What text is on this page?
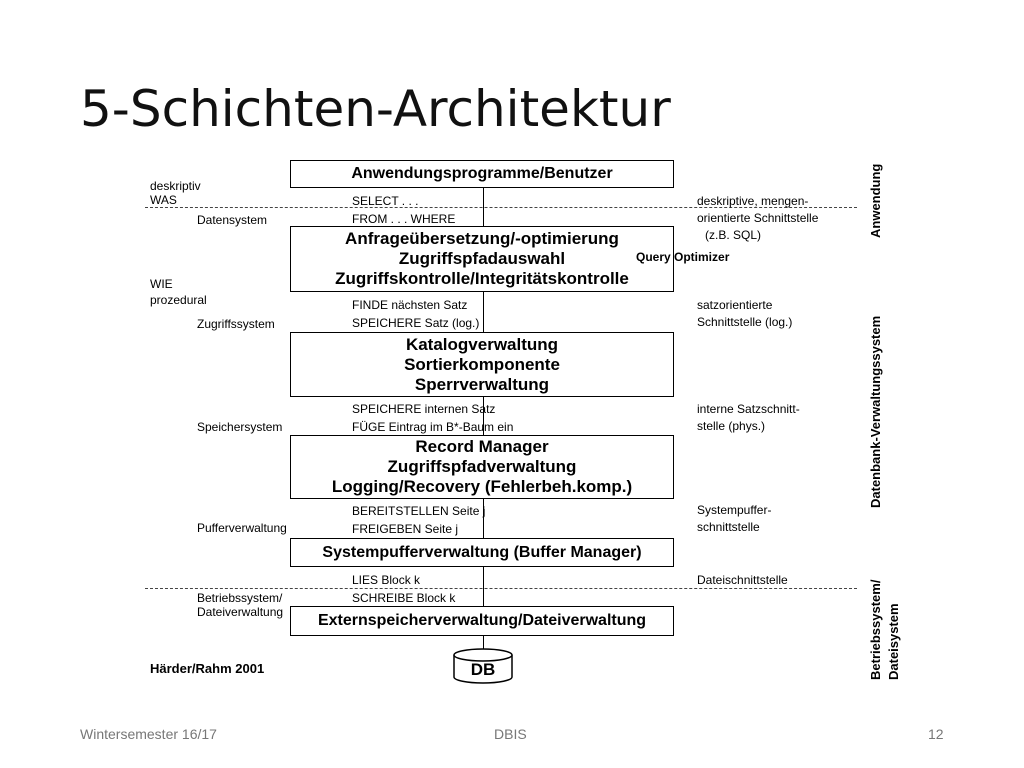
5-Schichten-Architektur
Anwendungsprogramme/Benutzer
Anfrageübersetzung/-optimierung
Zugriffspfadauswahl
Zugriffskontrolle/Integritätskontrolle
Katalogverwaltung
Sortierkomponente
Sperrverwaltung
Record Manager
Zugriffspfadverwaltung
Logging/Recovery (Fehlerbeh.komp.)
Systempufferverwaltung (Buffer Manager)
Externspeicherverwaltung/Dateiverwaltung
DB
Query Optimizer
SELECT . . .
FROM . . . WHERE
FINDE nächsten Satz
SPEICHERE Satz (log.)
SPEICHERE internen Satz
FÜGE Eintrag im B*-Baum ein
BEREITSTELLEN Seite j
FREIGEBEN Seite j
LIES Block k
SCHREIBE Block k
deskriptiv
WAS
Datensystem
WIE
prozedural
Zugriffssystem
Speichersystem
Pufferverwaltung
Betriebssystem/
Dateiverwaltung
Härder/Rahm 2001
deskriptive, mengen-
orientierte Schnittstelle
(z.B. SQL)
satzorientierte
Schnittstelle (log.)
interne Satzschnitt-
stelle (phys.)
Systempuffer-
schnittstelle
Dateischnittstelle
Anwendung
Datenbank-Verwaltungssystem
Betriebssystem/ Dateisystem
Wintersemester 16/17	DBIS	12
